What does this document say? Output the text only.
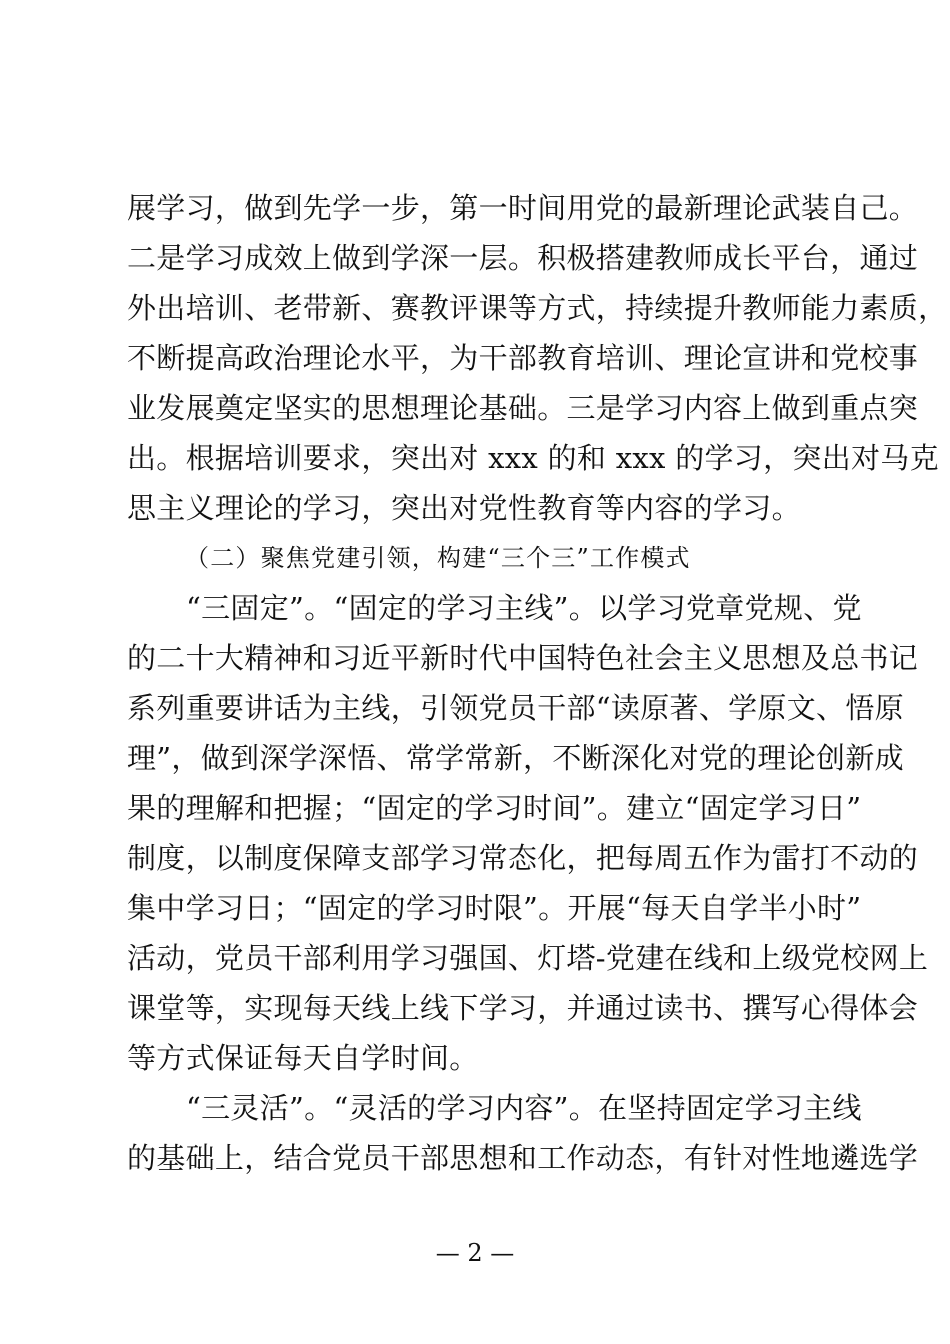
展学习，做到先学一步，第一时间用党的最新理论武装自己。
二是学习成效上做到学深一层。积极搭建教师成长平台，通过
外出培训、老带新、赛教评课等方式，持续提升教师能力素质，
不断提高政治理论水平，为干部教育培训、理论宣讲和党校事
业发展奠定坚实的思想理论基础。三是学习内容上做到重点突
出。根据培训要求，突出对 xxx 的和 xxx 的学习，突出对马克
思主义理论的学习，突出对党性教育等内容的学习。
（二）聚焦党建引领，构建“三个三”工作模式
“三固定”。“固定的学习主线”。以学习党章党规、党
的二十大精神和习近平新时代中国特色社会主义思想及总书记
系列重要讲话为主线，引领党员干部“读原著、学原文、悟原
理”，做到深学深悟、常学常新，不断深化对党的理论创新成
果的理解和把握；“固定的学习时间”。建立“固定学习日”
制度，以制度保障支部学习常态化，把每周五作为雷打不动的
集中学习日；“固定的学习时限”。开展“每天自学半小时”
活动，党员干部利用学习强国、灯塔-党建在线和上级党校网上
课堂等，实现每天线上线下学习，并通过读书、撰写心得体会
等方式保证每天自学时间。
“三灵活”。“灵活的学习内容”。在坚持固定学习主线
的基础上，结合党员干部思想和工作动态，有针对性地遴选学
— 2 —
